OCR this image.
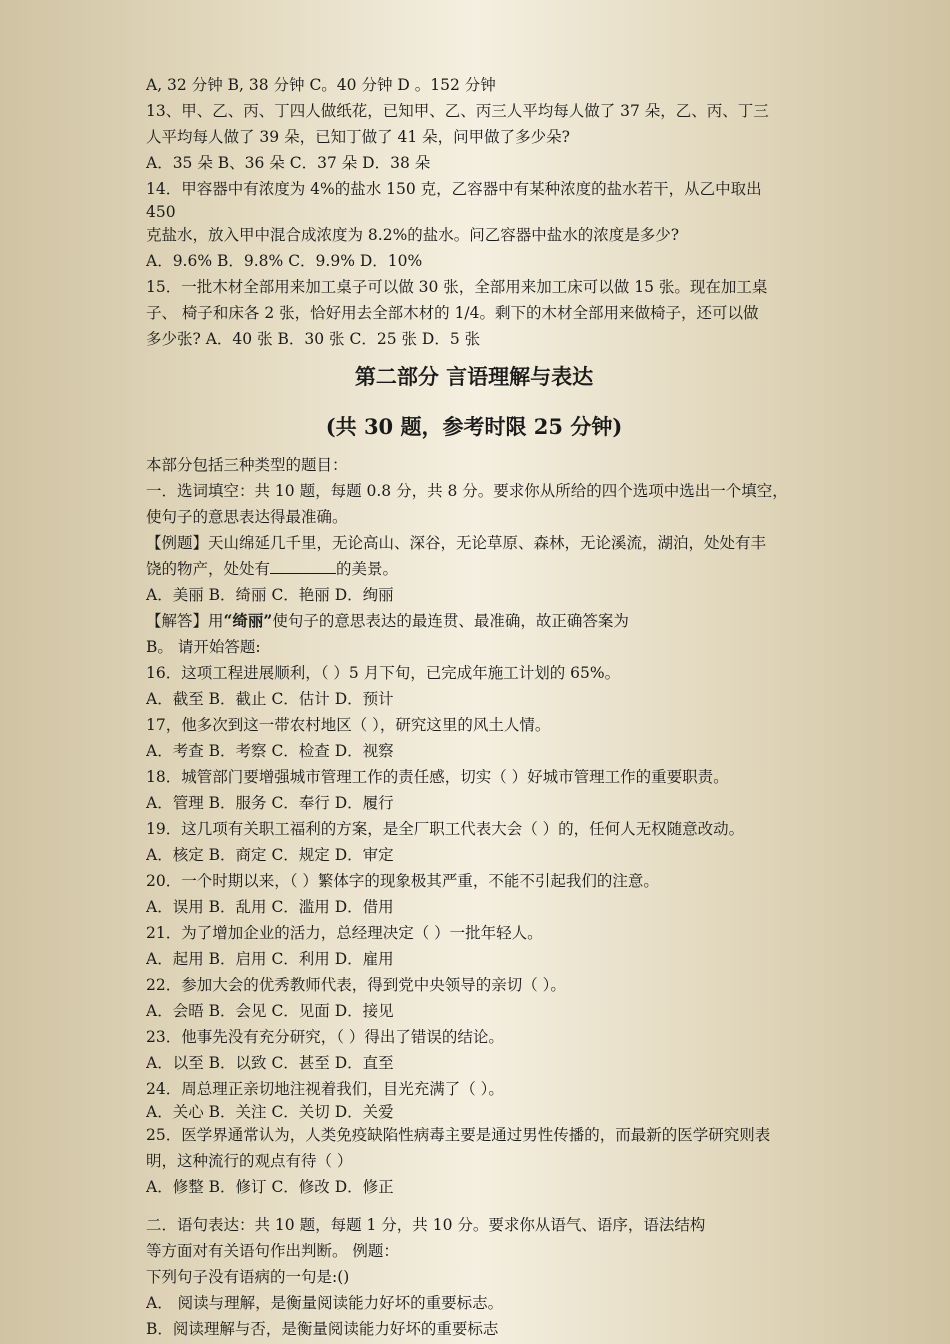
A, 32 分钟 B, 38 分钟 C。40 分钟 D 。152 分钟
13、甲、乙、丙、丁四人做纸花，已知甲、乙、丙三人平均每人做了 37 朵，乙、丙、丁三
人平均每人做了 39 朵，已知丁做了 41 朵，问甲做了多少朵?
A．35 朵 B、36 朵 C．37 朵 D．38 朵
14．甲容器中有浓度为 4%的盐水 150 克，乙容器中有某种浓度的盐水若干，从乙中取出
450
克盐水，放入甲中混合成浓度为 8.2%的盐水。问乙容器中盐水的浓度是多少?
A．9.6% B．9.8% C．9.9% D．10%
15．一批木材全部用来加工桌子可以做 30 张，全部用来加工床可以做 15 张。现在加工桌
子、 椅子和床各 2 张，恰好用去全部木材的 1/4。剩下的木材全部用来做椅子，还可以做
多少张? A．40 张 B．30 张 C．25 张 D．5 张
第二部分 言语理解与表达
(共 30 题，参考时限 25 分钟)
本部分包括三种类型的题目：
一．选词填空：共 10 题，每题 0.8 分，共 8 分。要求你从所给的四个选项中选出一个填空，
使句子的意思表达得最准确。
【例题】天山绵延几千里，无论高山、深谷，无论草原、森林，无论溪流，湖泊，处处有丰
饶的物产，处处有	的美景。
A．美丽 B．绮丽 C．艳丽 D．绚丽
【解答】用“绮丽”使句子的意思表达的最连贯、最准确，故正确答案为
B。 请开始答题:
16．这项工程进展顺利，（ ）5 月下旬，已完成年施工计划的 65%。
A．截至 B．截止 C．估计 D．预计
17，他多次到这一带农村地区（ ），研究这里的风土人情。
A．考查 B．考察 C．检查 D．视察
18．城管部门要增强城市管理工作的责任感，切实（ ）好城市管理工作的重要职责。
A．管理 B．服务 C．奉行 D．履行
19．这几项有关职工福利的方案，是全厂职工代表大会（ ）的，任何人无权随意改动。
A．核定 B．商定 C．规定 D．审定
20．一个时期以来，（ ）繁体字的现象极其严重，不能不引起我们的注意。
A．误用 B．乱用 C．滥用 D．借用
21．为了增加企业的活力，总经理决定（ ）一批年轻人。
A．起用 B．启用 C．利用 D．雇用
22．参加大会的优秀教师代表，得到党中央领导的亲切（ ）。
A．会晤 B．会见 C．见面 D．接见
23．他事先没有充分研究，（ ）得出了错误的结论。
A．以至 B．以致 C．甚至 D．直至
24．周总理正亲切地注视着我们，目光充满了（ ）。
A．关心 B．关注 C．关切 D．关爱
25．医学界通常认为，人类免疫缺陷性病毒主要是通过男性传播的，而最新的医学研究则表
明，这种流行的观点有待（ ）
A．修整 B．修订 C．修改 D．修正
二．语句表达：共 10 题，每题 1 分，共 10 分。要求你从语气、语序，语法结构
等方面对有关语句作出判断。 例题：
下列句子没有语病的一句是:()
A． 阅读与理解，是衡量阅读能力好坏的重要标志。
B．阅读理解与否，是衡量阅读能力好坏的重要标志
